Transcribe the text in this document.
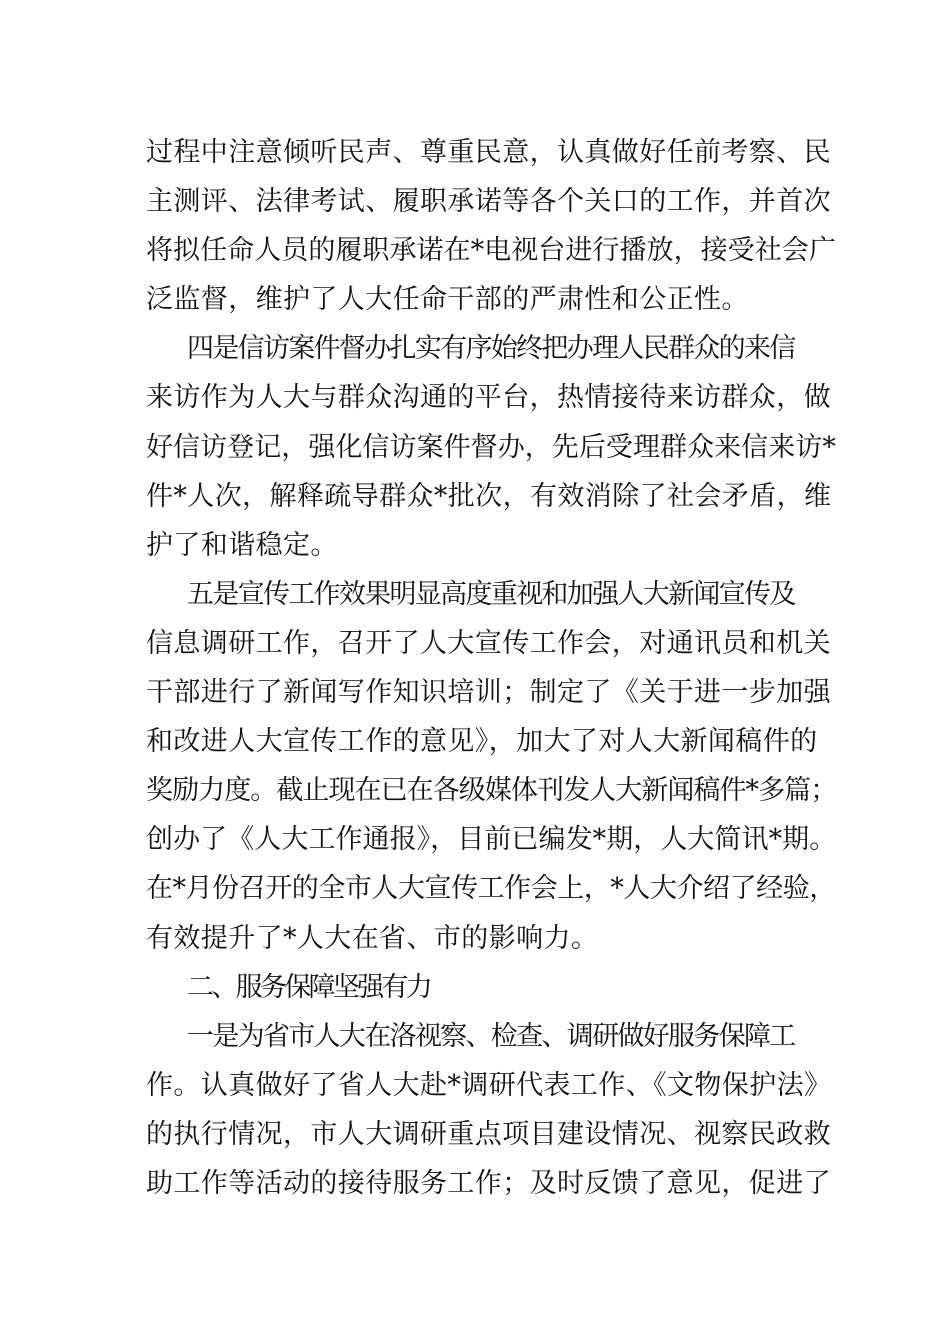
过程中注意倾听民声、尊重民意，认真做好任前考察、民
主测评、法律考试、履职承诺等各个关口的工作，并首次
将拟任命人员的履职承诺在*电视台进行播放，接受社会广
泛监督，维护了人大任命干部的严肃性和公正性。
四是信访案件督办扎实有序始终把办理人民群众的来信
来访作为人大与群众沟通的平台，热情接待来访群众，做
好信访登记，强化信访案件督办，先后受理群众来信来访*
件*人次，解释疏导群众*批次，有效消除了社会矛盾，维
护了和谐稳定。
五是宣传工作效果明显高度重视和加强人大新闻宣传及
信息调研工作，召开了人大宣传工作会，对通讯员和机关
干部进行了新闻写作知识培训；制定了《关于进一步加强
和改进人大宣传工作的意见》，加大了对人大新闻稿件的
奖励力度。截止现在已在各级媒体刊发人大新闻稿件*多篇；
创办了《人大工作通报》，目前已编发*期，人大简讯*期。
在*月份召开的全市人大宣传工作会上，*人大介绍了经验，
有效提升了*人大在省、市的影响力。
二、服务保障坚强有力
一是为省市人大在洛视察、检查、调研做好服务保障工
作。认真做好了省人大赴*调研代表工作、《文物保护法》
的执行情况，市人大调研重点项目建设情况、视察民政救
助工作等活动的接待服务工作；及时反馈了意见，促进了
